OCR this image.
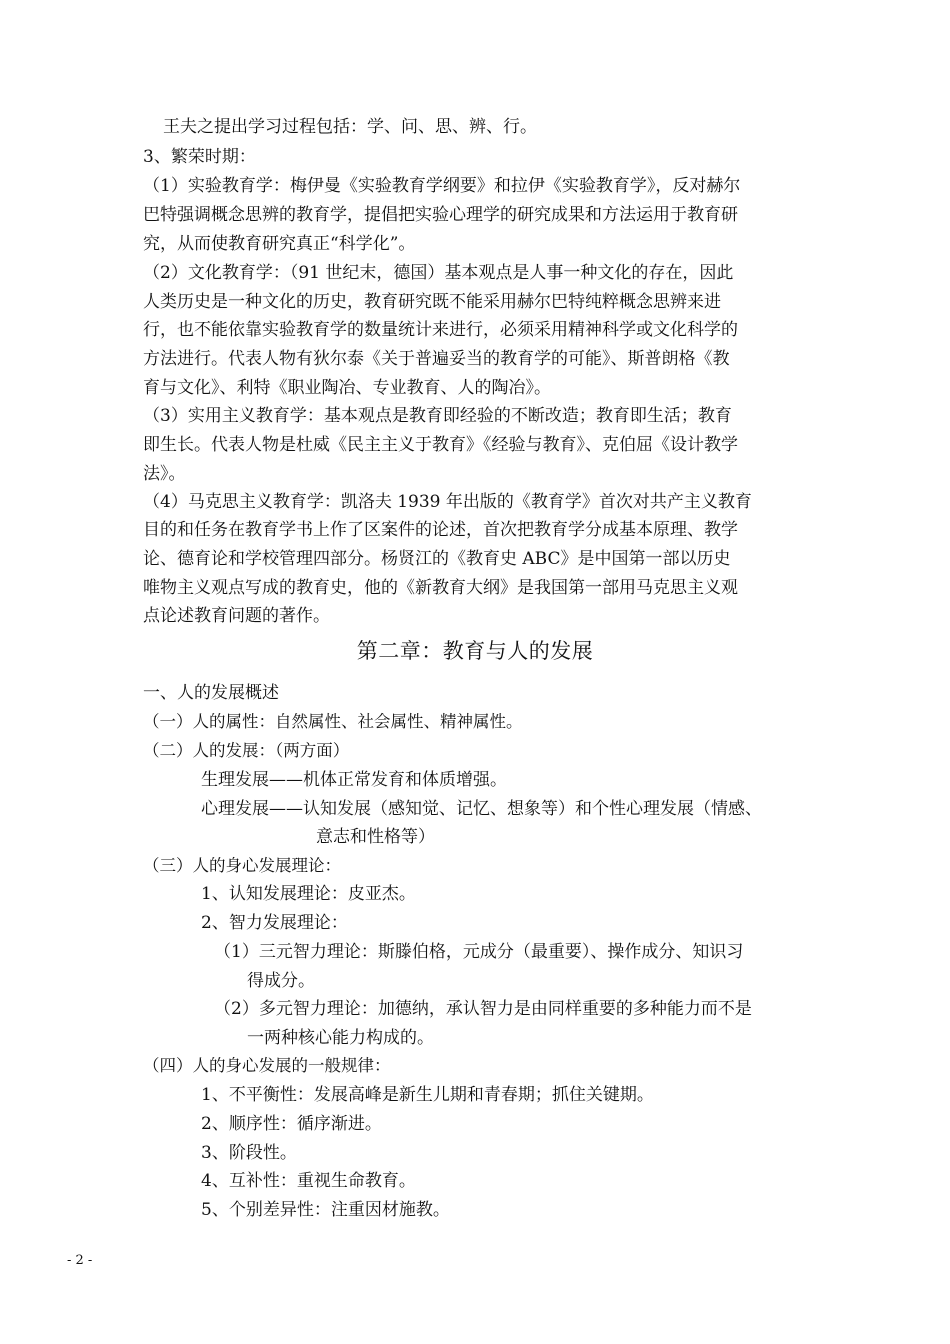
王夫之提出学习过程包括：学、问、思、辨、行。
3、繁荣时期：
（1）实验教育学：梅伊曼《实验教育学纲要》和拉伊《实验教育学》，反对赫尔
巴特强调概念思辨的教育学，提倡把实验心理学的研究成果和方法运用于教育研
究，从而使教育研究真正“科学化”。
（2）文化教育学：（91 世纪末，德国）基本观点是人事一种文化的存在，因此
人类历史是一种文化的历史，教育研究既不能采用赫尔巴特纯粹概念思辨来进
行，也不能依靠实验教育学的数量统计来进行，必须采用精神科学或文化科学的
方法进行。代表人物有狄尔泰《关于普遍妥当的教育学的可能》、斯普朗格《教
育与文化》、利特《职业陶冶、专业教育、人的陶冶》。
（3）实用主义教育学：基本观点是教育即经验的不断改造；教育即生活；教育
即生长。代表人物是杜威《民主主义于教育》《经验与教育》、克伯屈《设计教学
法》。
（4）马克思主义教育学：凯洛夫 1939 年出版的《教育学》首次对共产主义教育
目的和任务在教育学书上作了区案件的论述，首次把教育学分成基本原理、教学
论、德育论和学校管理四部分。杨贤江的《教育史 ABC》是中国第一部以历史
唯物主义观点写成的教育史，他的《新教育大纲》是我国第一部用马克思主义观
点论述教育问题的著作。
第二章：教育与人的发展
一、人的发展概述
（一）人的属性：自然属性、社会属性、精神属性。
（二）人的发展：（两方面）
生理发展——机体正常发育和体质增强。
心理发展——认知发展（感知觉、记忆、想象等）和个性心理发展（情感、
意志和性格等）
（三）人的身心发展理论：
1、认知发展理论：皮亚杰。
2、智力发展理论：
（1）三元智力理论：斯滕伯格，元成分（最重要）、操作成分、知识习
得成分。
（2）多元智力理论：加德纳，承认智力是由同样重要的多种能力而不是
一两种核心能力构成的。
（四）人的身心发展的一般规律：
1、不平衡性：发展高峰是新生儿期和青春期；抓住关键期。
2、顺序性：循序渐进。
3、阶段性。
4、互补性：重视生命教育。
5、个别差异性：注重因材施教。
- 2 -
